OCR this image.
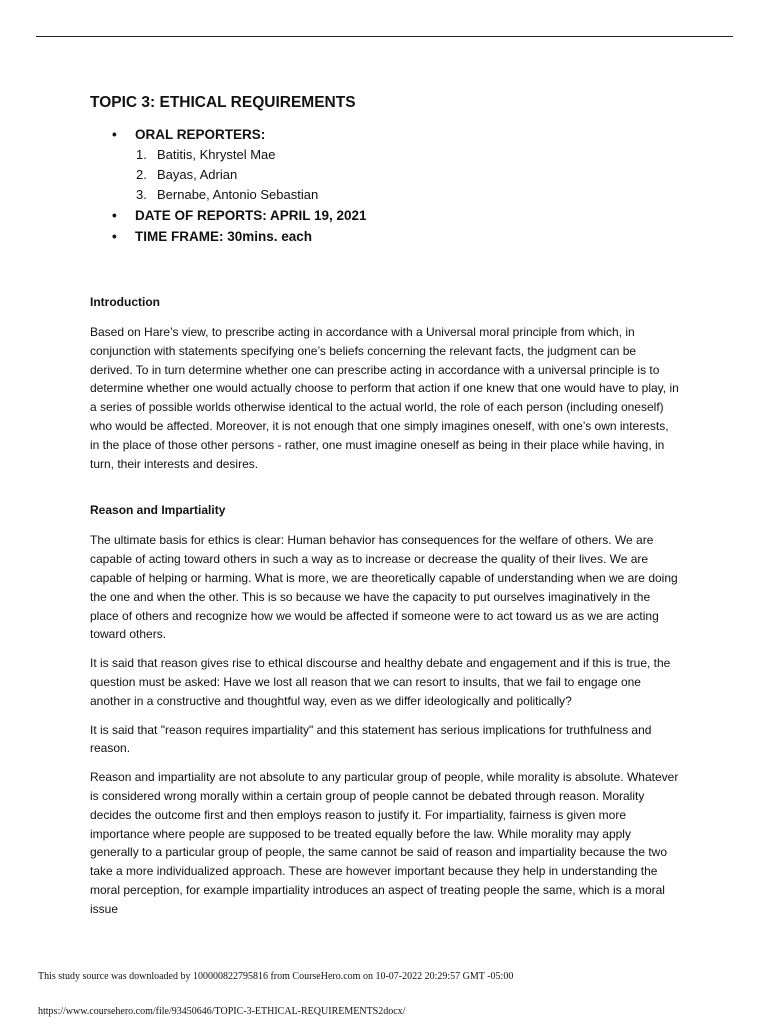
TOPIC 3: ETHICAL REQUIREMENTS
• ORAL REPORTERS:
1. Batitis, Khrystel Mae
2. Bayas, Adrian
3. Bernabe, Antonio Sebastian
• DATE OF REPORTS: APRIL 19, 2021
• TIME FRAME: 30mins. each
Introduction

Based on Hare’s view, to prescribe acting in accordance with a Universal moral principle from which, in conjunction with statements specifying one’s beliefs concerning the relevant facts, the judgment can be derived. To in turn determine whether one can prescribe acting in accordance with a universal principle is to determine whether one would actually choose to perform that action if one knew that one would have to play, in a series of possible worlds otherwise identical to the actual world, the role of each person (including oneself) who would be affected. Moreover, it is not enough that one simply imagines oneself, with one’s own interests, in the place of those other persons - rather, one must imagine oneself as being in their place while having, in turn, their interests and desires.

Reason and Impartiality

The ultimate basis for ethics is clear: Human behavior has consequences for the welfare of others. We are capable of acting toward others in such a way as to increase or decrease the quality of their lives. We are capable of helping or harming. What is more, we are theoretically capable of understanding when we are doing the one and when the other. This is so because we have the capacity to put ourselves imaginatively in the place of others and recognize how we would be affected if someone were to act toward us as we are acting toward others.

It is said that reason gives rise to ethical discourse and healthy debate and engagement and if this is true, the question must be asked: Have we lost all reason that we can resort to insults, that we fail to engage one another in a constructive and thoughtful way, even as we differ ideologically and politically?

It is said that "reason requires impartiality" and this statement has serious implications for truthfulness and reason.

Reason and impartiality are not absolute to any particular group of people, while morality is absolute. Whatever is considered wrong morally within a certain group of people cannot be debated through reason. Morality decides the outcome first and then employs reason to justify it. For impartiality, fairness is given more importance where people are supposed to be treated equally before the law. While morality may apply generally to a particular group of people, the same cannot be said of reason and impartiality because the two take a more individualized approach. These are however important because they help in understanding the moral perception, for example impartiality introduces an aspect of treating people the same, which is a moral issue

This study source was downloaded by 100000822795816 from CourseHero.com on 10-07-2022 20:29:57 GMT -05:00
https://www.coursehero.com/file/93450646/TOPIC-3-ETHICAL-REQUIREMENTS2docx/
